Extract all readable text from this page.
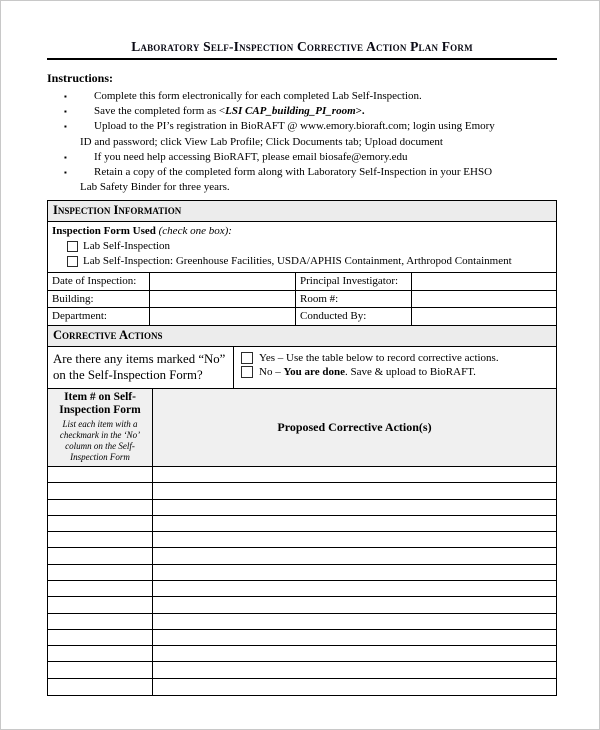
Laboratory Self-Inspection Corrective Action Plan Form
Instructions:
▪ Complete this form electronically for each completed Lab Self-Inspection.
▪ Save the completed form as <LSI CAP_building_PI_room>.
▪ Upload to the PI’s registration in BioRAFT @ www.emory.bioraft.com; login using Emory ID and password; click View Lab Profile; Click Documents tab; Upload document
▪ If you need help accessing BioRAFT, please email biosafe@emory.edu
▪ Retain a copy of the completed form along with Laboratory Self-Inspection in your EHSO Lab Safety Binder for three years.
Inspection Information
Inspection Form Used (check one box):
Lab Self-Inspection
Lab Self-Inspection: Greenhouse Facilities, USDA/APHIS Containment, Arthropod Containment
Date of Inspection:	Principal Investigator:
Building:	Room #:
Department:	Conducted By:
Corrective Actions
Are there any items marked “No”
on the Self-Inspection Form?
Yes – Use the table below to record corrective actions.
No – You are done. Save & upload to BioRAFT.
Item # on Self-Inspection Form
List each item with a checkmark in the ‘No’ column on the Self-Inspection Form
Proposed Corrective Action(s)
